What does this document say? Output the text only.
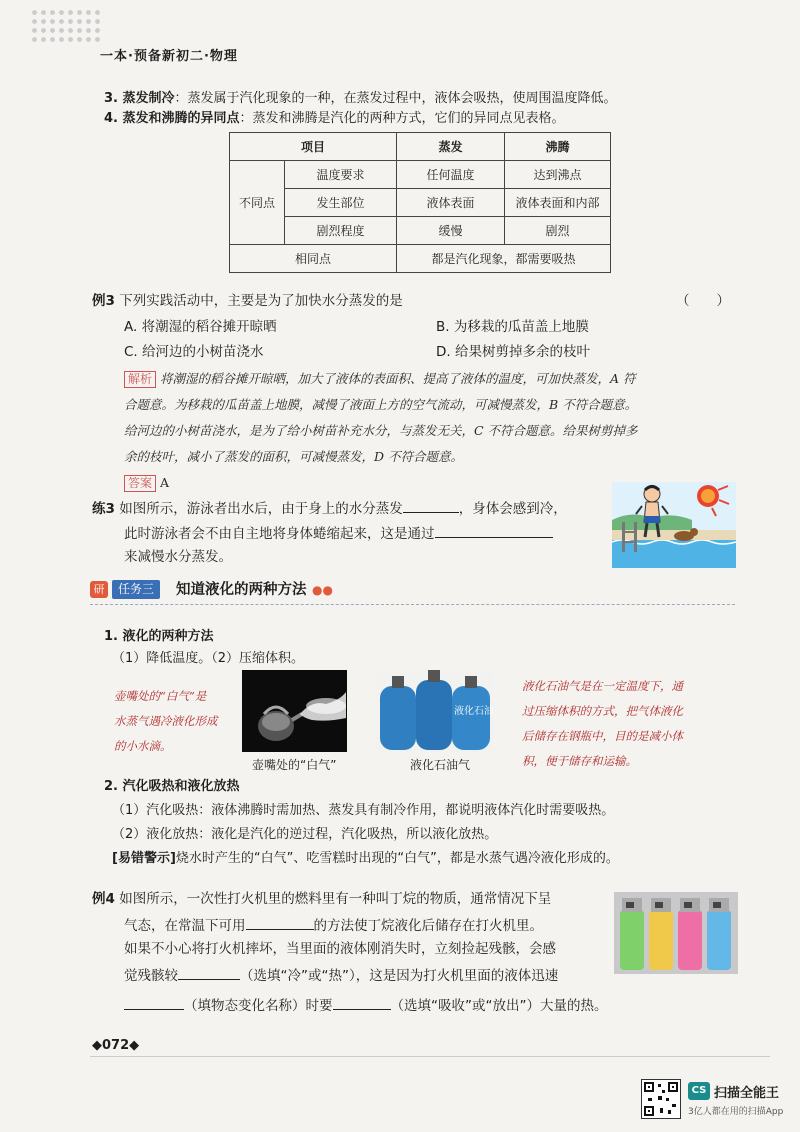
一本·预备新初二·物理
3. 蒸发制冷：蒸发属于汽化现象的一种，在蒸发过程中，液体会吸热，使周围温度降低。
4. 蒸发和沸腾的异同点：蒸发和沸腾是汽化的两种方式，它们的异同点见表格。
项目		蒸发	沸腾
不同点	温度要求	任何温度	达到沸点
	发生部位	液体表面	液体表面和内部
	剧烈程度	缓慢	剧烈
相同点		都是汽化现象，都需要吸热	
例3 下列实践活动中，主要是为了加快水分蒸发的是	（　　）
A. 将潮湿的稻谷摊开晾晒	B. 为移栽的瓜苗盖上地膜
C. 给河边的小树苗浇水	D. 给果树剪掉多余的枝叶
解析 将潮湿的稻谷摊开晾晒，加大了液体的表面积、提高了液体的温度，可加快蒸发，A 符
合题意。为移栽的瓜苗盖上地膜，减慢了液面上方的空气流动，可减慢蒸发，B 不符合题意。
给河边的小树苗浇水，是为了给小树苗补充水分，与蒸发无关，C 不符合题意。给果树剪掉多
余的枝叶，减小了蒸发的面积，可减慢蒸发，D 不符合题意。
答案 A
练3 如图所示，游泳者出水后，由于身上的水分蒸发	，身体会感到冷，
此时游泳者会不由自主地将身体蜷缩起来，这是通过
来减慢水分蒸发。
研	任务三	知道液化的两种方法 ●●
1. 液化的两种方法
（1）降低温度。（2）压缩体积。
壶嘴处的“白气”是
水蒸气遇冷液化形成
的小水滴。
壶嘴处的“白气”
液化石油
液化石油气
液化石油气是在一定温度下，通
过压缩体积的方式，把气体液化
后储存在钢瓶中，目的是减小体
积，便于储存和运输。
2. 汽化吸热和液化放热
（1）汽化吸热：液体沸腾时需加热、蒸发具有制冷作用，都说明液体汽化时需要吸热。
（2）液化放热：液化是汽化的逆过程，汽化吸热，所以液化放热。
[易错警示]烧水时产生的“白气”、吃雪糕时出现的“白气”，都是水蒸气遇冷液化形成的。
例4 如图所示，一次性打火机里的燃料里有一种叫丁烷的物质，通常情况下呈
气态，在常温下可用	的方法使丁烷液化后储存在打火机里。
如果不小心将打火机摔坏，当里面的液体刚消失时，立刻捡起残骸，会感
觉残骸较	（选填“冷”或“热”），这是因为打火机里面的液体迅速
（填物态变化名称）时要	（选填“吸收”或“放出”）大量的热。
◆072◆
CS 扫描全能王
3亿人都在用的扫描App
